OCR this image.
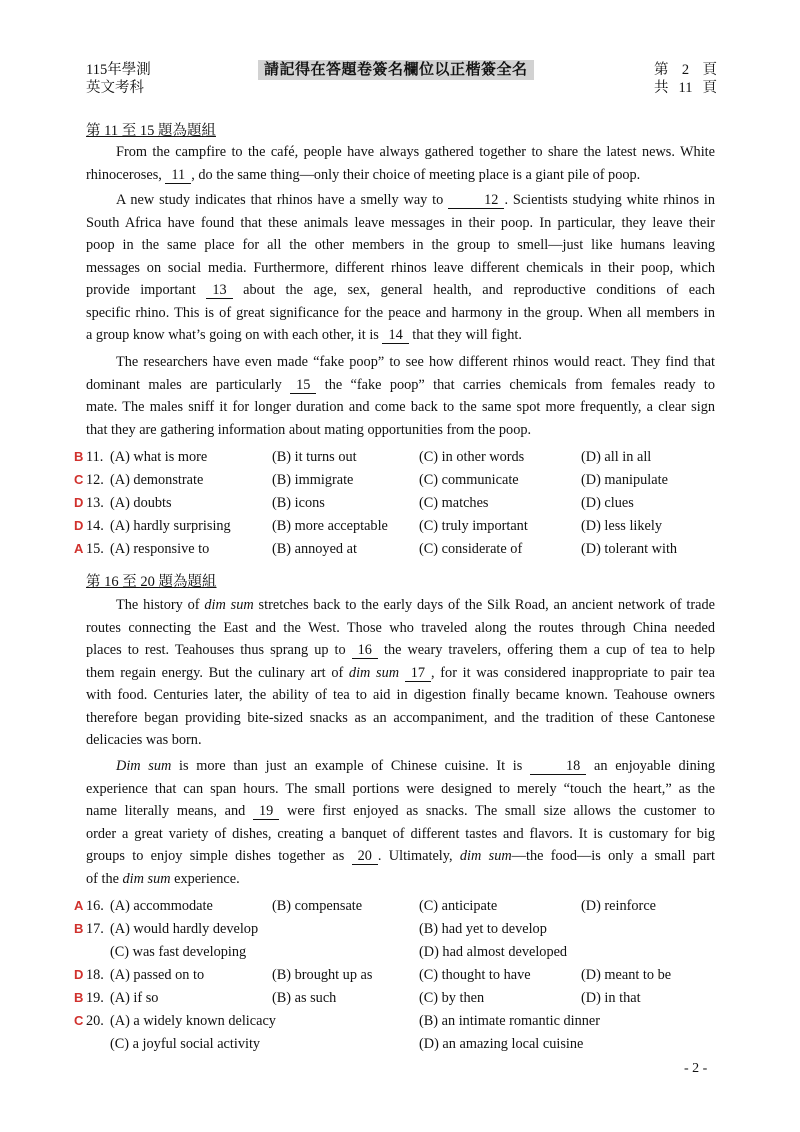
115年學測
英文考科
請記得在答題卷簽名欄位以正楷簽全名	第 2 頁
共 11 頁
第 11 至 15 題為題組
From the campfire to the café, people have always gathered together to share the latest news. White
rhinoceroses, 11 , do the same thing—only their choice of meeting place is a giant pile of poop.
A new study indicates that rhinos have a smelly way to	12 . Scientists studying white rhinos in
South Africa have found that these animals leave messages in their poop. In particular, they leave their
poop in the same place for all the other members in the group to smell—just like humans leaving
messages on social media. Furthermore, different rhinos leave different chemicals in their poop, which
provide important 13 about the age, sex, general health, and reproductive conditions of each
specific rhino. This is of great significance for the peace and harmony in the group. When all members in
a group know what’s going on with each other, it is 14 that they will fight.
The researchers have even made “fake poop” to see how different rhinos would react. They find that
dominant males are particularly 15 the “fake poop” that carries chemicals from females ready to
mate. The males sniff it for longer duration and come back to the same spot more frequently, a clear sign
that they are gathering information about mating opportunities from the poop.
B 11. (A) what is more	(B) it turns out	(C) in other words	(D) all in all
C 12. (A) demonstrate	(B) immigrate	(C) communicate	(D) manipulate
D 13. (A) doubts	(B) icons	(C) matches	(D) clues
D 14. (A) hardly surprising	(B) more acceptable (C) truly important	(D) less likely
A 15. (A) responsive to	(B) annoyed at	(C) considerate of	(D) tolerant with
第 16 至 20 題為題組
The history of dim sum stretches back to the early days of the Silk Road, an ancient network of trade
routes connecting the East and the West. Those who traveled along the routes through China needed
places to rest. Teahouses thus sprang up to 16 the weary travelers, offering them a cup of tea to help
them regain energy. But the culinary art of dim sum 17 , for it was considered inappropriate to pair tea
with food. Centuries later, the ability of tea to aid in digestion finally became known. Teahouse owners
therefore began providing bite-sized snacks as an accompaniment, and the tradition of these Cantonese
delicacies was born.
Dim sum is more than just an example of Chinese cuisine. It is	18 an enjoyable dining
experience that can span hours. The small portions were designed to merely “touch the heart,” as the
name literally means, and 19 were first enjoyed as snacks. The small size allows the customer to
order a great variety of dishes, creating a banquet of different tastes and flavors. It is customary for big
groups to enjoy simple dishes together as 20 . Ultimately, dim sum—the food—is only a small part
of the dim sum experience.
A 16. (A) accommodate	(B) compensate	(C) anticipate	(D) reinforce
B 17. (A) would hardly develop	(B) had yet to develop
(C) was fast developing	(D) had almost developed
D 18. (A) passed on to	(B) brought up as	(C) thought to have	(D) meant to be
B 19. (A) if so	(B) as such	(C) by then	(D) in that
C 20. (A) a widely known delicacy	(B) an intimate romantic dinner
(C) a joyful social activity	(D) an amazing local cuisine
- 2 -
